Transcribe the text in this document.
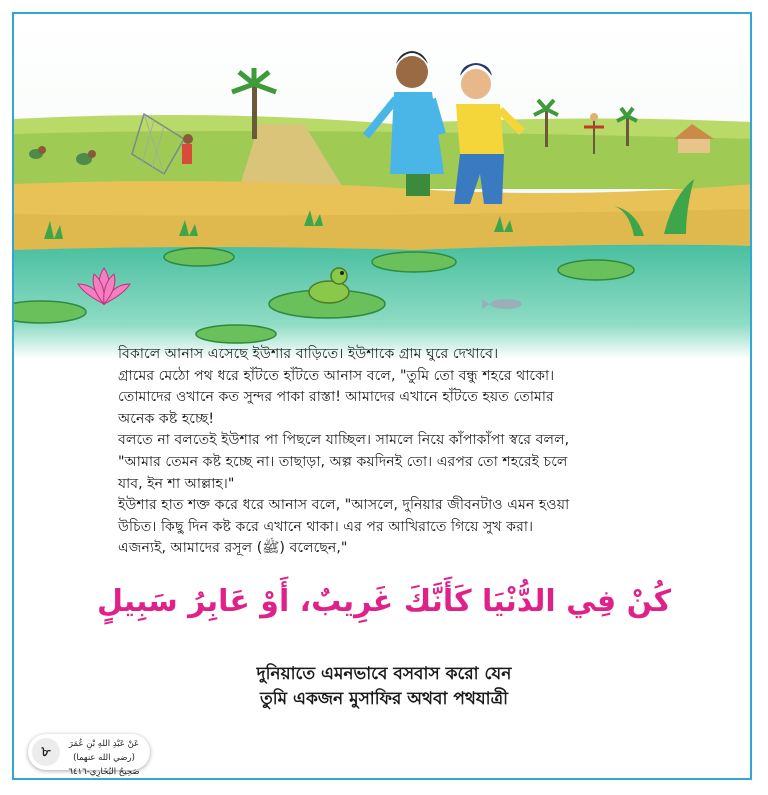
বিকালে আনাস এসেছে ইউশার বাড়িতে। ইউশাকে গ্রাম ঘুরে দেখাবে।

গ্রামের মেঠো পথ ধরে হাঁটতে হাঁটতে আনাস বলে, "তুমি তো বন্ধু শহরে থাকো।

তোমাদের ওখানে কত সুন্দর পাকা রাস্তা! আমাদের এখানে হাঁটতে হয়ত তোমার

অনেক কষ্ট হচ্ছে!

বলতে না বলতেই ইউশার পা পিছলে যাচ্ছিল। সামলে নিয়ে কাঁপাকাঁপা স্বরে বলল,

"আমার তেমন কষ্ট হচ্ছে না। তাছাড়া, অল্প কয়দিনই তো। এরপর তো শহরেই চলে

যাব, ইন শা আল্লাহ।"

ইউশার হাত শক্ত করে ধরে আনাস বলে, "আসলে, দুনিয়ার জীবনটাও এমন হওয়া

উচিত। কিছু দিন কষ্ট করে এখানে থাকা। এর পর আখিরাতে গিয়ে সুখ করা।

এজন্যই, আমাদের রসূল (ﷺ) বলেছেন,"

كُنْ فِي الدُّنْيَا كَأَنَّكَ غَرِيبٌ، أَوْ عَابِرُ سَبِيلٍ
দুনিয়াতে এমনভাবে বসবাস করো যেন
তুমি একজন মুসাফির অথবা পথযাত্রী
৮	عَنْ عَبْدِ اللهِ بْنِ عُمَرَ (رضي الله عنهما)
صَحِيحُ البُخَارِي-٦٤١٦
